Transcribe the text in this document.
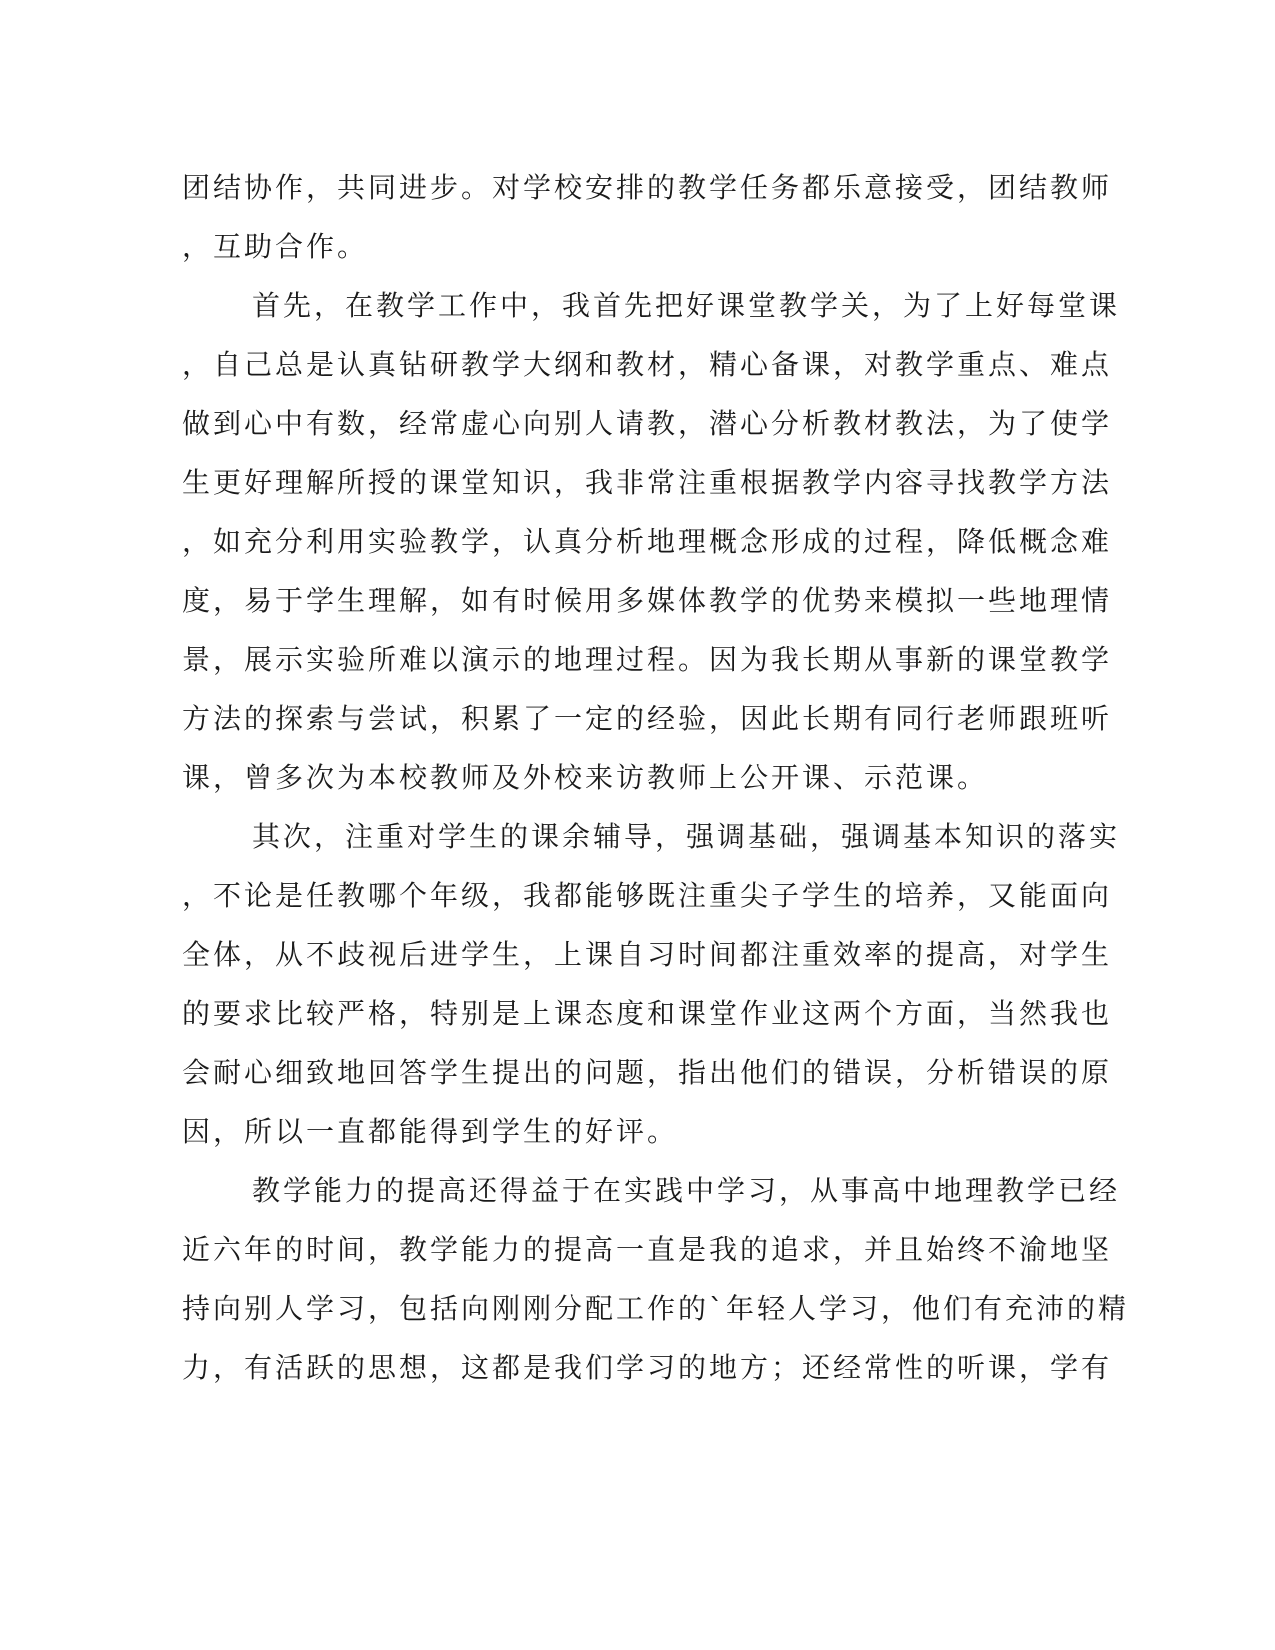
团结协作，共同进步。对学校安排的教学任务都乐意接受，团结教师
，互助合作。
首先，在教学工作中，我首先把好课堂教学关，为了上好每堂课
，自己总是认真钻研教学大纲和教材，精心备课，对教学重点、难点
做到心中有数，经常虚心向别人请教，潜心分析教材教法，为了使学
生更好理解所授的课堂知识，我非常注重根据教学内容寻找教学方法
，如充分利用实验教学，认真分析地理概念形成的过程，降低概念难
度，易于学生理解，如有时候用多媒体教学的优势来模拟一些地理情
景，展示实验所难以演示的地理过程。因为我长期从事新的课堂教学
方法的探索与尝试，积累了一定的经验，因此长期有同行老师跟班听
课，曾多次为本校教师及外校来访教师上公开课、示范课。
其次，注重对学生的课余辅导，强调基础，强调基本知识的落实
，不论是任教哪个年级，我都能够既注重尖子学生的培养，又能面向
全体，从不歧视后进学生，上课自习时间都注重效率的提高，对学生
的要求比较严格，特别是上课态度和课堂作业这两个方面，当然我也
会耐心细致地回答学生提出的问题，指出他们的错误，分析错误的原
因，所以一直都能得到学生的好评。
教学能力的提高还得益于在实践中学习，从事高中地理教学已经
近六年的时间，教学能力的提高一直是我的追求，并且始终不渝地坚
持向别人学习，包括向刚刚分配工作的`年轻人学习，他们有充沛的精
力，有活跃的思想，这都是我们学习的地方；还经常性的听课，学有
